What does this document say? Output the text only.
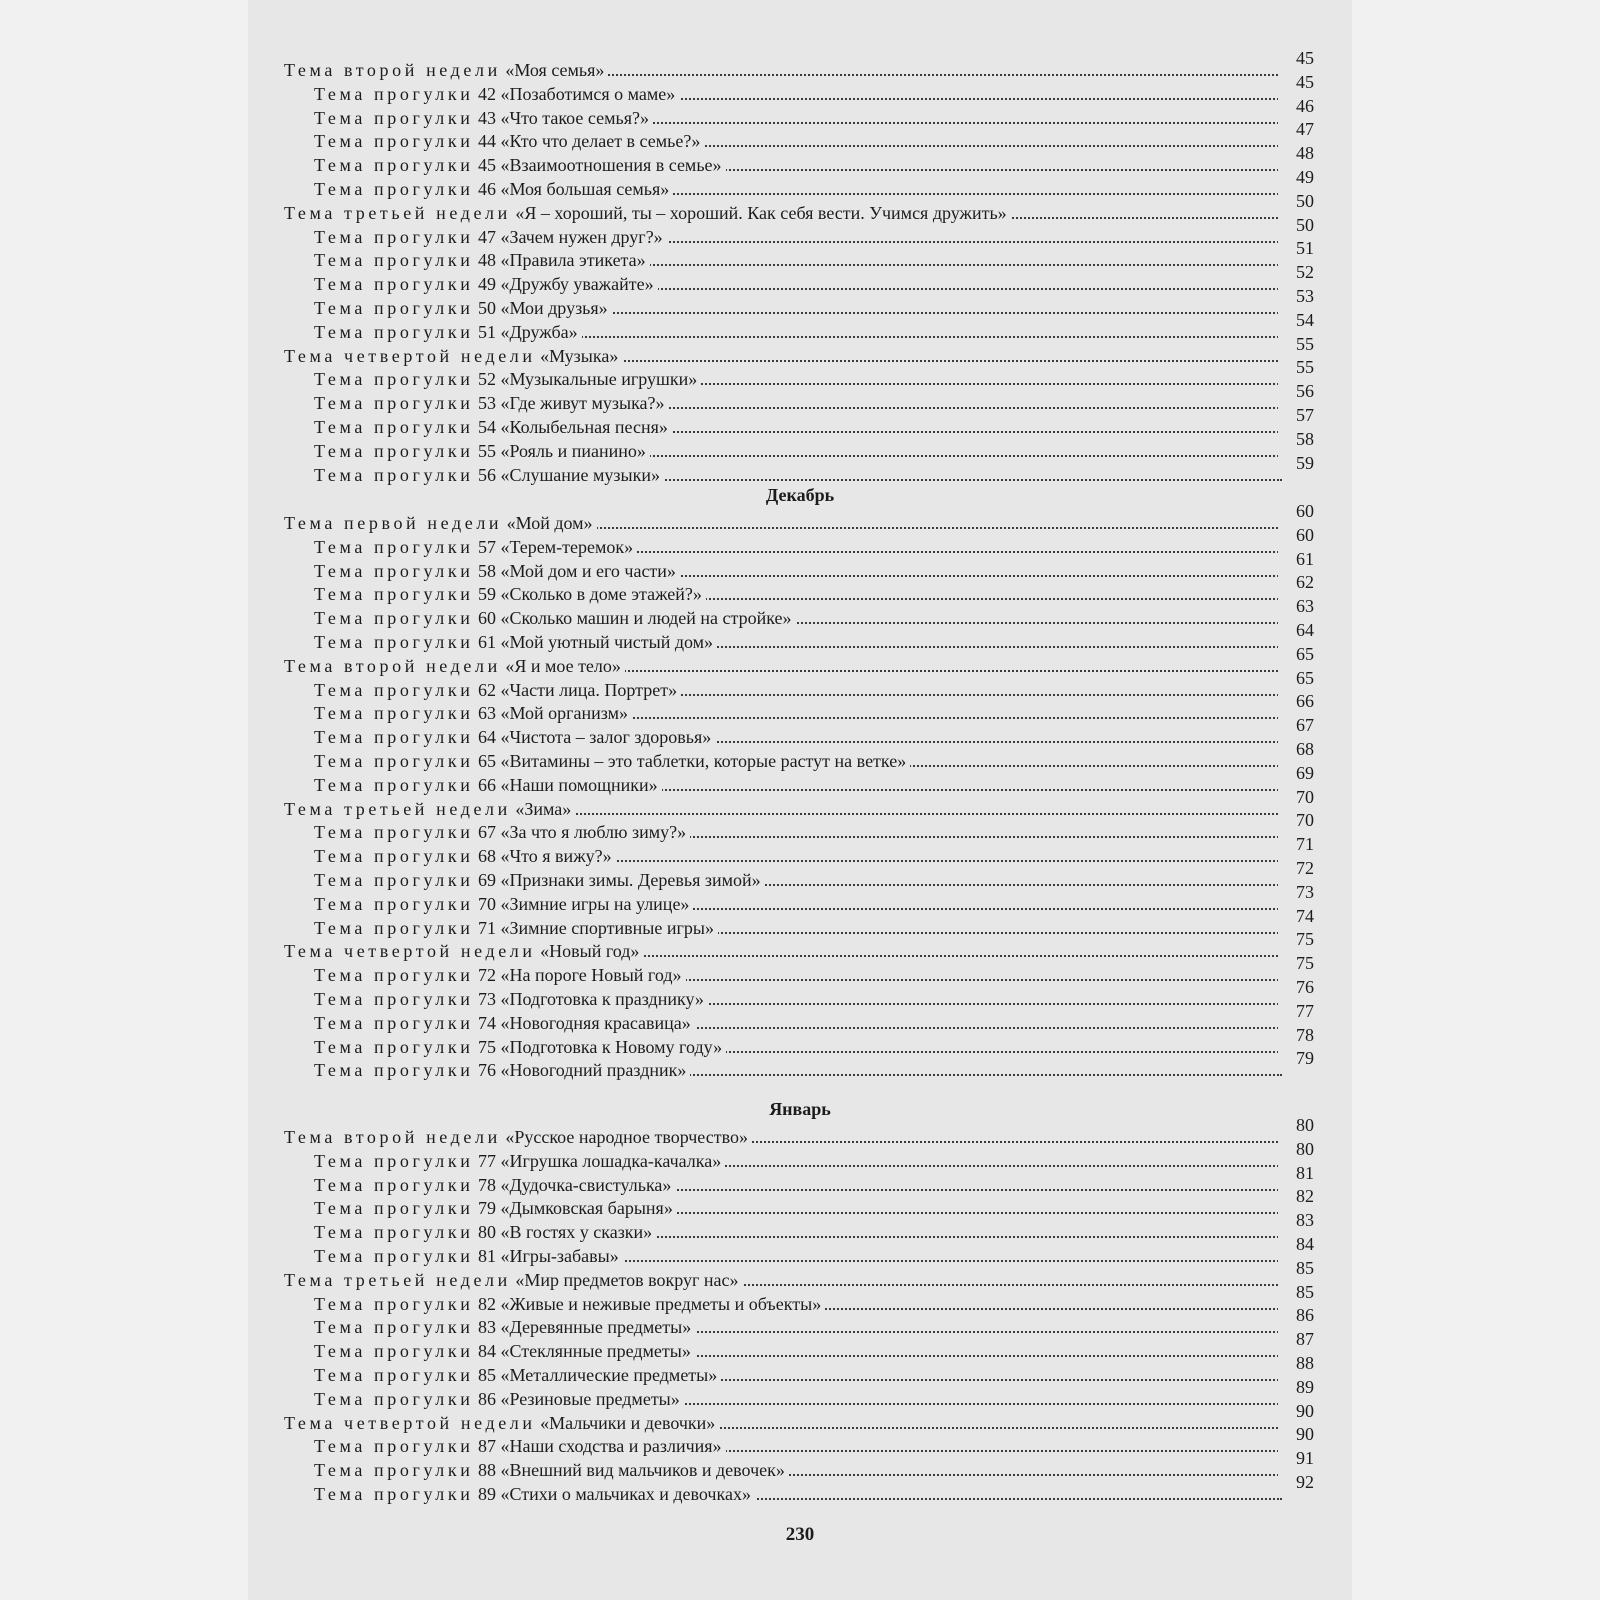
Тема второй недели «Моя семья»
45
Тема прогулки 42 «Позаботимся о маме»
45
Тема прогулки 43 «Что такое семья?»
46
Тема прогулки 44 «Кто что делает в семье?»
47
Тема прогулки 45 «Взаимоотношения в семье»
48
Тема прогулки 46 «Моя большая семья»
49
Тема третьей недели «Я – хороший, ты – хороший. Как себя вести. Учимся дружить»
50
Тема прогулки 47 «Зачем нужен друг?»
50
Тема прогулки 48 «Правила этикета»
51
Тема прогулки 49 «Дружбу уважайте»
52
Тема прогулки 50 «Мои друзья»
53
Тема прогулки 51 «Дружба»
54
Тема четвертой недели «Музыка»
55
Тема прогулки 52 «Музыкальные игрушки»
55
Тема прогулки 53 «Где живут музыка?»
56
Тема прогулки 54 «Колыбельная песня»
57
Тема прогулки 55 «Рояль и пианино»
58
Тема прогулки 56 «Слушание музыки»
59
Декабрь
Тема первой недели «Мой дом»
60
Тема прогулки 57 «Терем-теремок»
60
Тема прогулки 58 «Мой дом и его части»
61
Тема прогулки 59 «Сколько в доме этажей?»
62
Тема прогулки 60 «Сколько машин и людей на стройке»
63
Тема прогулки 61 «Мой уютный чистый дом»
64
Тема второй недели «Я и мое тело»
65
Тема прогулки 62 «Части лица. Портрет»
65
Тема прогулки 63 «Мой организм»
66
Тема прогулки 64 «Чистота – залог здоровья»
67
Тема прогулки 65 «Витамины – это таблетки, которые растут на ветке»
68
Тема прогулки 66 «Наши помощники»
69
Тема третьей недели «Зима»
70
Тема прогулки 67 «За что я люблю зиму?»
70
Тема прогулки 68 «Что я вижу?»
71
Тема прогулки 69 «Признаки зимы. Деревья зимой»
72
Тема прогулки 70 «Зимние игры на улице»
73
Тема прогулки 71 «Зимние спортивные игры»
74
Тема четвертой недели «Новый год»
75
Тема прогулки 72 «На пороге Новый год»
75
Тема прогулки 73 «Подготовка к празднику»
76
Тема прогулки 74 «Новогодняя красавица»
77
Тема прогулки 75 «Подготовка к Новому году»
78
Тема прогулки 76 «Новогодний праздник»
79
Январь
Тема второй недели «Русское народное творчество»
80
Тема прогулки 77 «Игрушка лошадка-качалка»
80
Тема прогулки 78 «Дудочка-свистулька»
81
Тема прогулки 79 «Дымковская барыня»
82
Тема прогулки 80 «В гостях у сказки»
83
Тема прогулки 81 «Игры-забавы»
84
Тема третьей недели «Мир предметов вокруг нас»
85
Тема прогулки 82 «Живые и неживые предметы и объекты»
85
Тема прогулки 83 «Деревянные предметы»
86
Тема прогулки 84 «Стеклянные предметы»
87
Тема прогулки 85 «Металлические предметы»
88
Тема прогулки 86 «Резиновые предметы»
89
Тема четвертой недели «Мальчики и девочки»
90
Тема прогулки 87 «Наши сходства и различия»
90
Тема прогулки 88 «Внешний вид мальчиков и девочек»
91
Тема прогулки 89 «Стихи о мальчиках и девочках»
92
230
